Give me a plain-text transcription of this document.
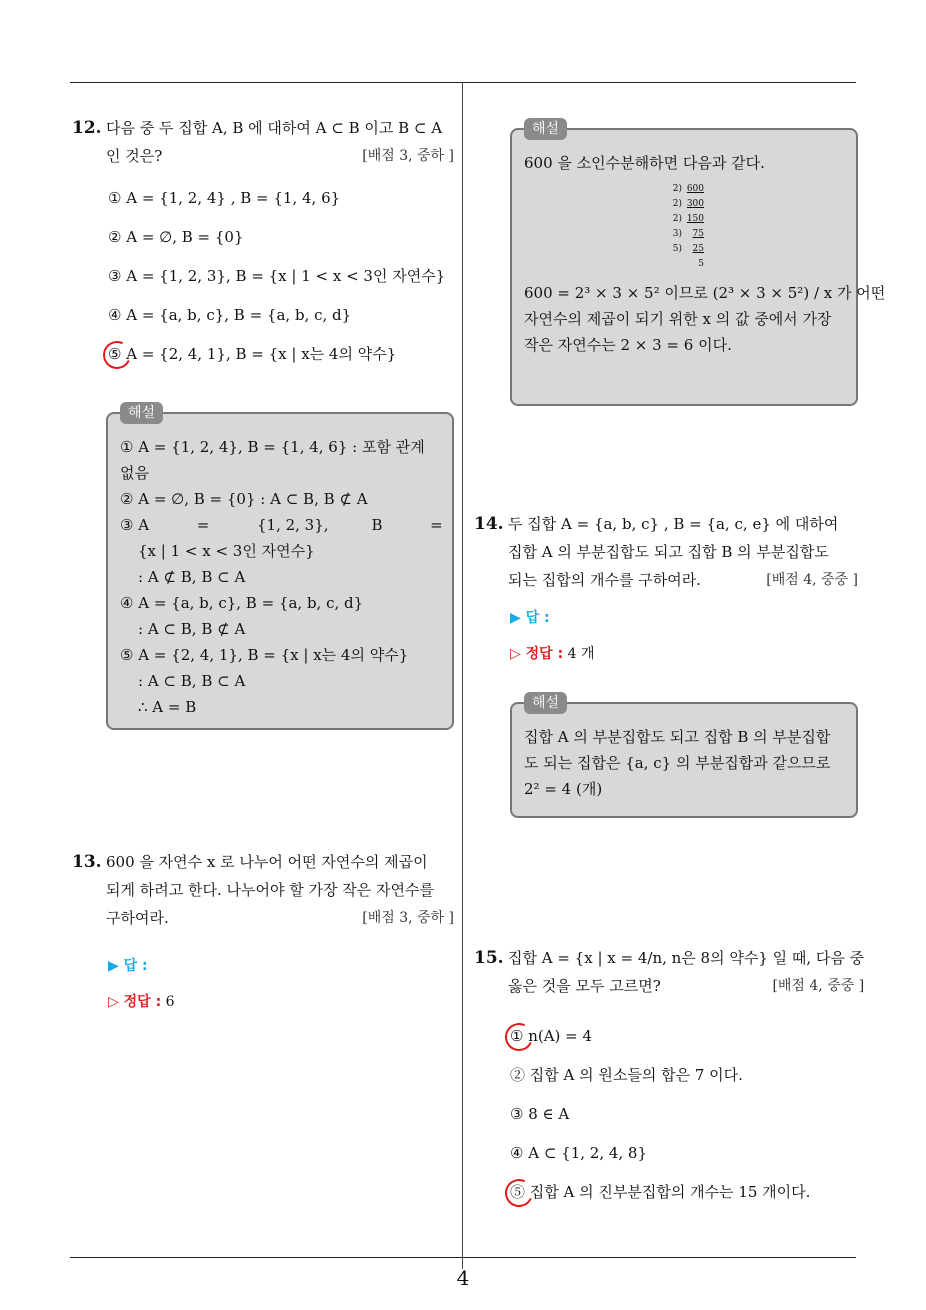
4
12. 다음 중 두 집합 A, B 에 대하여 A ⊂ B 이고 B ⊂ A
인 것은?	[배점 3, 중하 ]
① A = {1, 2, 4} , B = {1, 4, 6}
② A = ∅, B = {0}
③ A = {1, 2, 3}, B = {x | 1 < x < 3인 자연수}
④ A = {a, b, c}, B = {a, b, c, d}
⑤ A = {2, 4, 1}, B = {x | x는 4의 약수}
해설
① A = {1, 2, 4}, B = {1, 4, 6} : 포함 관계
없음
② A = ∅, B = {0} : A ⊂ B, B ⊄ A
③ A          =          {1, 2, 3},         B          =
{x | 1 < x < 3인 자연수}
: A ⊄ B, B ⊂ A
④ A = {a, b, c}, B = {a, b, c, d}
: A ⊂ B, B ⊄ A
⑤ A = {2, 4, 1}, B = {x | x는 4의 약수}
: A ⊂ B, B ⊂ A
∴ A = B
13. 600 을 자연수 x 로 나누어 어떤 자연수의 제곱이
되게 하려고 한다. 나누어야 할 가장 작은 자연수를
구하여라.	[배점 3, 중하 ]
▶ 답 :
▷ 정답 : 6
해설
600 을 소인수분해하면 다음과 같다.
2) 600
2) 300
2) 150
3)	75
5)	25
5
600 = 2³ × 3 × 5² 이므로 (2³ × 3 × 5²) / x 가 어떤
자연수의 제곱이 되기 위한 x 의 값 중에서 가장
작은 자연수는 2 × 3 = 6 이다.
14. 두 집합 A = {a, b, c} , B = {a, c, e} 에 대하여
집합 A 의 부분집합도 되고 집합 B 의 부분집합도
되는 집합의 개수를 구하여라.	[배점 4, 중중 ]
▶ 답 :
▷ 정답 : 4 개
해설
집합 A 의 부분집합도 되고 집합 B 의 부분집합
도 되는 집합은 {a, c} 의 부분집합과 같으므로
2² = 4 (개)
15. 집합 A = {x | x = 4/n, n은 8의 약수} 일 때, 다음 중
옳은 것을 모두 고르면?	[배점 4, 중중 ]
① n(A) = 4
② 집합 A 의 원소들의 합은 7 이다.
③ 8 ∈ A
④ A ⊂ {1, 2, 4, 8}
⑤ 집합 A 의 진부분집합의 개수는 15 개이다.
